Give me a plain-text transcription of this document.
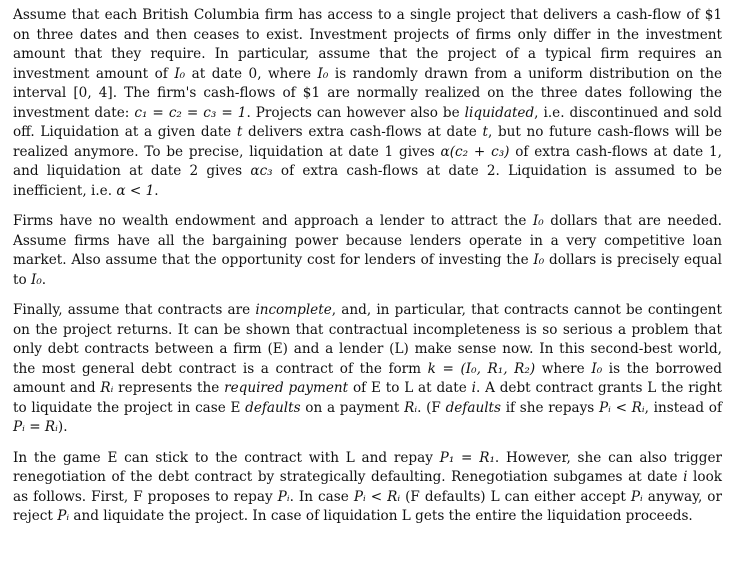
Assume that each British Columbia firm has access to a single project that delivers a cash-flow of $1 on three dates and then ceases to exist. Investment projects of firms only differ in the investment amount that they require. In particular, assume that the project of a typical firm requires an investment amount of I₀ at date 0, where I₀ is randomly drawn from a uniform distribution on the interval [0, 4]. The firm's cash-flows of $1 are normally realized on the three dates following the investment date: c₁ = c₂ = c₃ = 1. Projects can however also be liquidated, i.e. discontinued and sold off. Liquidation at a given date t delivers extra cash-flows at date t, but no future cash-flows will be realized anymore. To be precise, liquidation at date 1 gives α(c₂ + c₃) of extra cash-flows at date 1, and liquidation at date 2 gives αc₃ of extra cash-flows at date 2. Liquidation is assumed to be inefficient, i.e. α < 1.

Firms have no wealth endowment and approach a lender to attract the I₀ dollars that are needed. Assume firms have all the bargaining power because lenders operate in a very competitive loan market. Also assume that the opportunity cost for lenders of investing the I₀ dollars is precisely equal to I₀.

Finally, assume that contracts are incomplete, and, in particular, that contracts cannot be contingent on the project returns. It can be shown that contractual incompleteness is so serious a problem that only debt contracts between a firm (E) and a lender (L) make sense now. In this second-best world, the most general debt contract is a contract of the form k = (I₀, R₁, R₂) where I₀ is the borrowed amount and Rᵢ represents the required payment of E to L at date i. A debt contract grants L the right to liquidate the project in case E defaults on a payment Rᵢ. (F defaults if she repays Pᵢ < Rᵢ, instead of Pᵢ = Rᵢ).

In the game E can stick to the contract with L and repay P₁ = R₁. However, she can also trigger renegotiation of the debt contract by strategically defaulting. Renegotiation subgames at date i look as follows. First, F proposes to repay Pᵢ. In case Pᵢ < Rᵢ (F defaults) L can either accept Pᵢ anyway, or reject Pᵢ and liquidate the project. In case of liquidation L gets the entire the liquidation proceeds.
